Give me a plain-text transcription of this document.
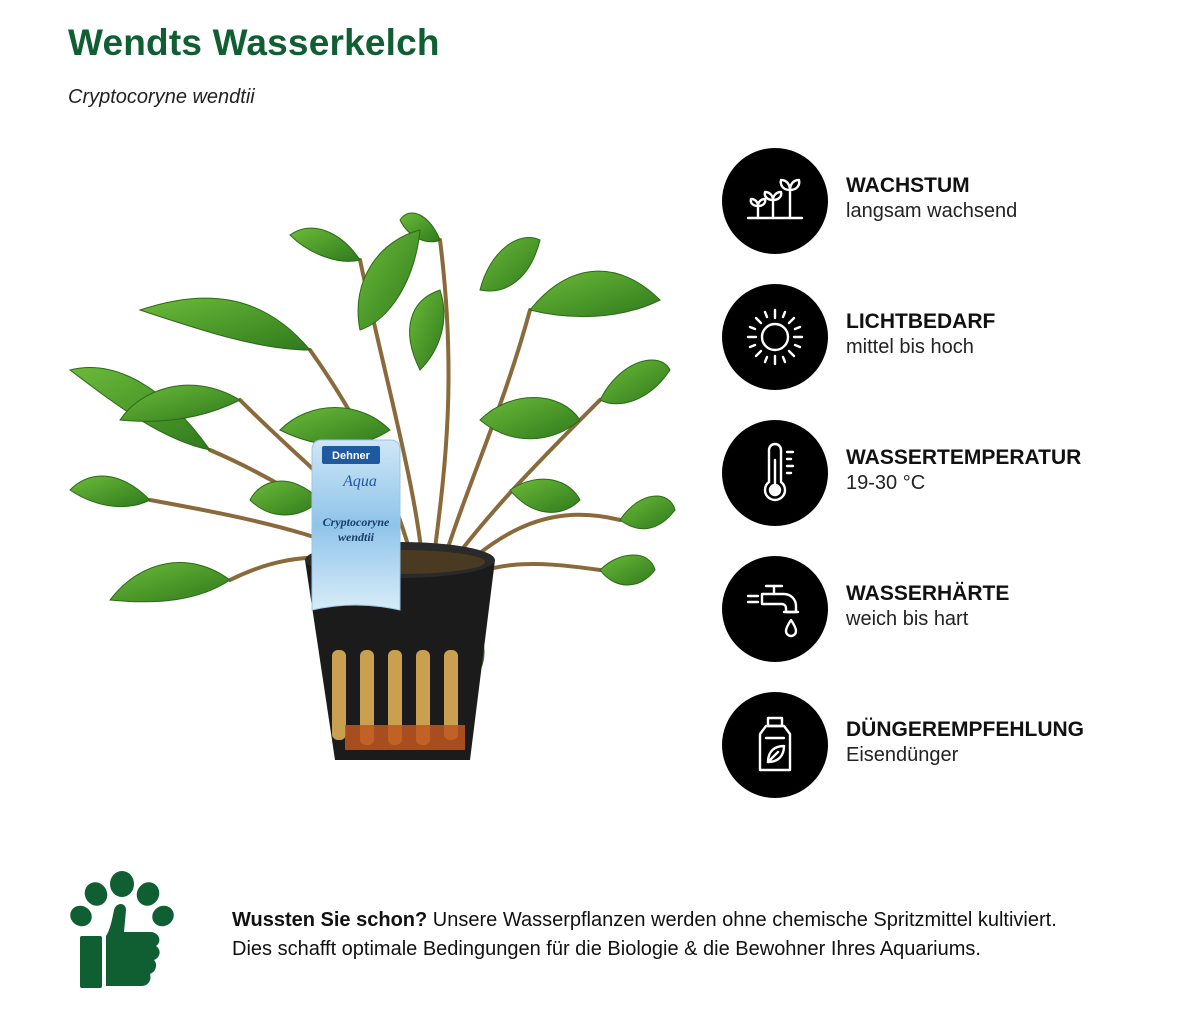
Wendts Wasserkelch

Cryptocoryne wendtii

Dehner
Aqua
Cryptocoryne
wendtii
WACHSTUM
langsam wachsend
LICHTBEDARF
mittel bis hoch
WASSERTEMPERATUR
19-30 °C
WASSERHÄRTE
weich bis hart
DÜNGEREMPFEHLUNG
Eisendünger
Wussten Sie schon? Unsere Wasserpflanzen werden ohne chemische Spritzmittel kultiviert.
Dies schafft optimale Bedingungen für die Biologie & die Bewohner Ihres Aquariums.
